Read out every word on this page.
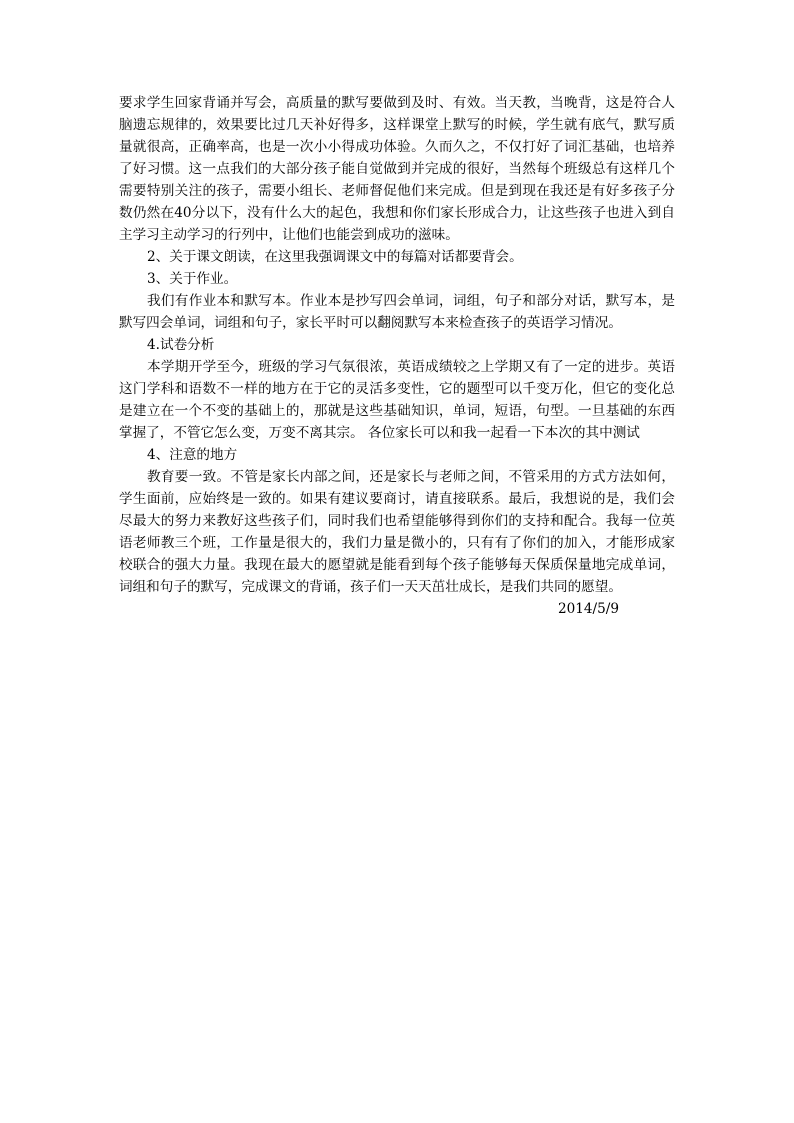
要求学生回家背诵并写会，高质量的默写要做到及时、有效。当天教，当晚背，这是符合人脑遗忘规律的，效果要比过几天补好得多，这样课堂上默写的时候，学生就有底气，默写质量就很高，正确率高，也是一次小小得成功体验。久而久之，不仅打好了词汇基础，也培养了好习惯。这一点我们的大部分孩子能自觉做到并完成的很好，当然每个班级总有这样几个需要特别关注的孩子，需要小组长、老师督促他们来完成。但是到现在我还是有好多孩子分数仍然在40分以下，没有什么大的起色，我想和你们家长形成合力，让这些孩子也进入到自主学习主动学习的行列中，让他们也能尝到成功的滋味。

2、关于课文朗读，在这里我强调课文中的每篇对话都要背会。

3、关于作业。

我们有作业本和默写本。作业本是抄写四会单词，词组，句子和部分对话，默写本，是默写四会单词，词组和句子，家长平时可以翻阅默写本来检查孩子的英语学习情况。

4.试卷分析

本学期开学至今，班级的学习气氛很浓，英语成绩较之上学期又有了一定的进步。英语这门学科和语数不一样的地方在于它的灵活多变性，它的题型可以千变万化，但它的变化总是建立在一个不变的基础上的，那就是这些基础知识，单词，短语，句型。一旦基础的东西掌握了，不管它怎么变，万变不离其宗。 各位家长可以和我一起看一下本次的其中测试

4、注意的地方

教育要一致。不管是家长内部之间，还是家长与老师之间，不管采用的方式方法如何，学生面前，应始终是一致的。如果有建议要商讨，请直接联系。最后，我想说的是，我们会尽最大的努力来教好这些孩子们，同时我们也希望能够得到你们的支持和配合。我每一位英语老师教三个班，工作量是很大的，我们力量是微小的，只有有了你们的加入，才能形成家校联合的强大力量。我现在最大的愿望就是能看到每个孩子能够每天保质保量地完成单词，词组和句子的默写，完成课文的背诵，孩子们一天天茁壮成长，是我们共同的愿望。

2014/5/9
